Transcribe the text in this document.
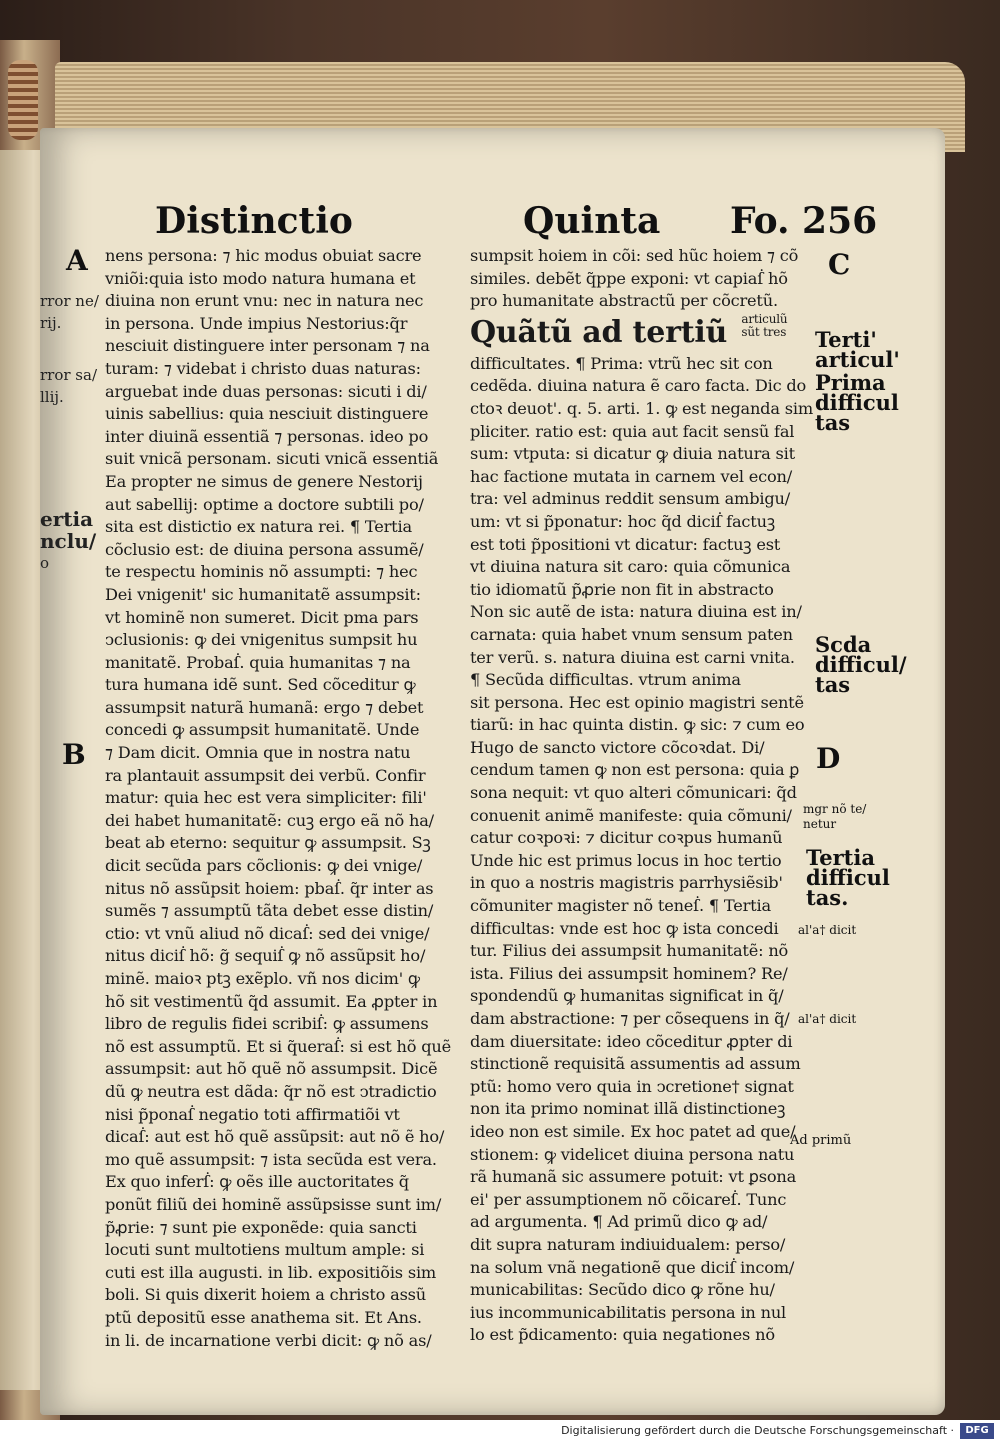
rror ne/
rij.
rror sa/
llij.
ertia
nclu/
o
Distinctio	Quinta Fo. 256
A
B
C
D
nens persona: ⁊ hic modus obuiat sacre
vniõi:quia isto modo natura humana et
diuina non erunt vnu: nec in natura nec
in persona. Unde impius Nestorius:q̃r
nesciuit distinguere inter personam ⁊ na
turam: ⁊ videbat i christo duas naturas:
arguebat inde duas personas: sicuti i di/
uinis sabellius: quia nesciuit distinguere
inter diuinã essentiã ⁊ personas. ideo po
suit vnicã personam. sicuti vnicã essentiã
Ea propter ne simus de genere Nestorij
aut sabellij: optime a doctore subtili po/
sita est distictio ex natura rei. ¶ Tertia
cõclusio est: de diuina persona assumẽ/
te respectu hominis nõ assumpti: ⁊ hec
Dei vnigenit' sic humanitatẽ assumpsit:
vt hominẽ non sumeret. Dicit pma pars
ↄclusionis: ꝙ dei vnigenitus sumpsit hu
manitatẽ. Probaẛ. quia humanitas ⁊ na
tura humana idẽ sunt. Sed cõceditur ꝙ
assumpsit naturã humanã: ergo ⁊ debet
concedi ꝙ assumpsit humanitatẽ. Unde
⁊ Dam dicit. Omnia que in nostra natu
ra plantauit assumpsit dei verbũ. Confir
matur: quia hec est vera simpliciter: fili'
dei habet humanitatẽ: cuꝫ ergo eã nõ ha/
beat ab eterno: sequitur ꝙ assumpsit. Sꝫ
dicit secũda pars cõclionis: ꝙ dei vnige/
nitus nõ assũpsit hoiem: pbaẛ. q̃r inter as
sumẽs ⁊ assumptũ tãta debet esse distin/
ctio: vt vnũ aliud nõ dicaẛ: sed dei vnige/
nitus diciẛ hõ: g̃ sequiẛ ꝙ nõ assũpsit ho/
minẽ. maioꝛ ptꝫ exẽplo. vñ nos dicim' ꝙ
hõ sit vestimentũ q̃d assumit. Ea ꝓpter in
libro de regulis fidei scribiẛ: ꝙ assumens
nõ est assumptũ. Et si q̃ueraẛ: si est hõ quẽ
assumpsit: aut hõ quẽ nõ assumpsit. Dicẽ
dũ ꝙ neutra est dãda: q̃r nõ est ↄtradictio
nisi p̃ponaẛ negatio toti affirmatiõi vt
dicaẛ: aut est hõ quẽ assũpsit: aut nõ ẽ ho/
mo quẽ assumpsit: ⁊ ista secũda est vera.
Ex quo inferẛ: ꝙ oẽs ille auctoritates q̃
ponũt filiũ dei hominẽ assũpsisse sunt im/
p̃ꝓrie: ⁊ sunt pie exponẽde: quia sancti
locuti sunt multotiens multum ample: si
cuti est illa augusti. in lib. expositiõis sim
boli. Si quis dixerit hoiem a christo assũ
ptũ depositũ esse anathema sit. Et Ans.
in li. de incarnatione verbi dicit: ꝙ nõ as/
sumpsit hoiem in cõi: sed hũc hoiem ⁊ cõ
similes. debẽt q̃ppe exponi: vt capiaẛ hõ
pro humanitate abstractũ per cõcretũ.
Quãtũ ad tertiũ articulũ
sũt tres
difficultates. ¶ Prima: vtrũ hec sit con
cedẽda. diuina natura ẽ caro facta. Dic do
ctoꝛ deuot'. q. 5. arti. 1. ꝙ est neganda sim
pliciter. ratio est: quia aut facit sensũ fal
sum: vtputa: si dicatur ꝙ diuia natura sit
hac factione mutata in carnem vel econ/
tra: vel adminus reddit sensum ambigu/
um: vt si p̃ponatur: hoc q̃d diciẛ factuꝫ
est toti p̃positioni vt dicatur: factuꝫ est
vt diuina natura sit caro: quia cõmunica
tio idiomatũ p̃ꝓrie non fit in abstracto
Non sic autẽ de ista: natura diuina est in/
carnata: quia habet vnum sensum paten
ter verũ. s. natura diuina est carni vnita.
¶ Secũda difficultas. vtrum anima
sit persona. Hec est opinio magistri sentẽ
tiarũ: in hac quinta distin. ꝙ sic: ⁊ cum eo
Hugo de sancto victore cõcoꝛdat. Di/
cendum tamen ꝙ non est persona: quia ꝑ
sona nequit: vt quo alteri cõmunicari: q̃d
conuenit animẽ manifeste: quia cõmuni/
catur coꝛpoꝛi: ⁊ dicitur coꝛpus humanũ
Unde hic est primus locus in hoc tertio
in quo a nostris magistris parrhysiẽsib'
cõmuniter magister nõ teneẛ. ¶ Tertia
difficultas: vnde est hoc ꝙ ista concedi
tur. Filius dei assumpsit humanitatẽ: nõ
ista. Filius dei assumpsit hominem? Re/
spondendũ ꝙ humanitas significat in q̃/
dam abstractione: ⁊ per cõsequens in q̃/
dam diuersitate: ideo cõceditur ꝓpter di
stinctionẽ requisitã assumentis ad assum
ptũ: homo vero quia in ↄcretione† signat
non ita primo nominat illã distinctioneꝫ
ideo non est simile. Ex hoc patet ad que/
stionem: ꝙ videlicet diuina persona natu
rã humanã sic assumere potuit: vt ꝑsona
ei' per assumptionem nõ cõicareẛ. Tunc
ad argumenta. ¶ Ad primũ dico ꝙ ad/
dit supra naturam indiuidualem: perso/
na solum vnã negationẽ que diciẛ incom/
municabilitas: Secũdo dico ꝙ rõne hu/
ius incommunicabilitatis persona in nul
lo est p̃dicamento: quia negationes nõ
Terti'
articul'
Prima
difficul
tas
Scda
difficul/
tas
mgr nõ te/
netur
Tertia
difficul
tas.
al'a† dicit
al'a† dicit
Ad primũ
Digitalisierung gefördert durch die Deutsche Forschungsgemeinschaft ·	DFG
